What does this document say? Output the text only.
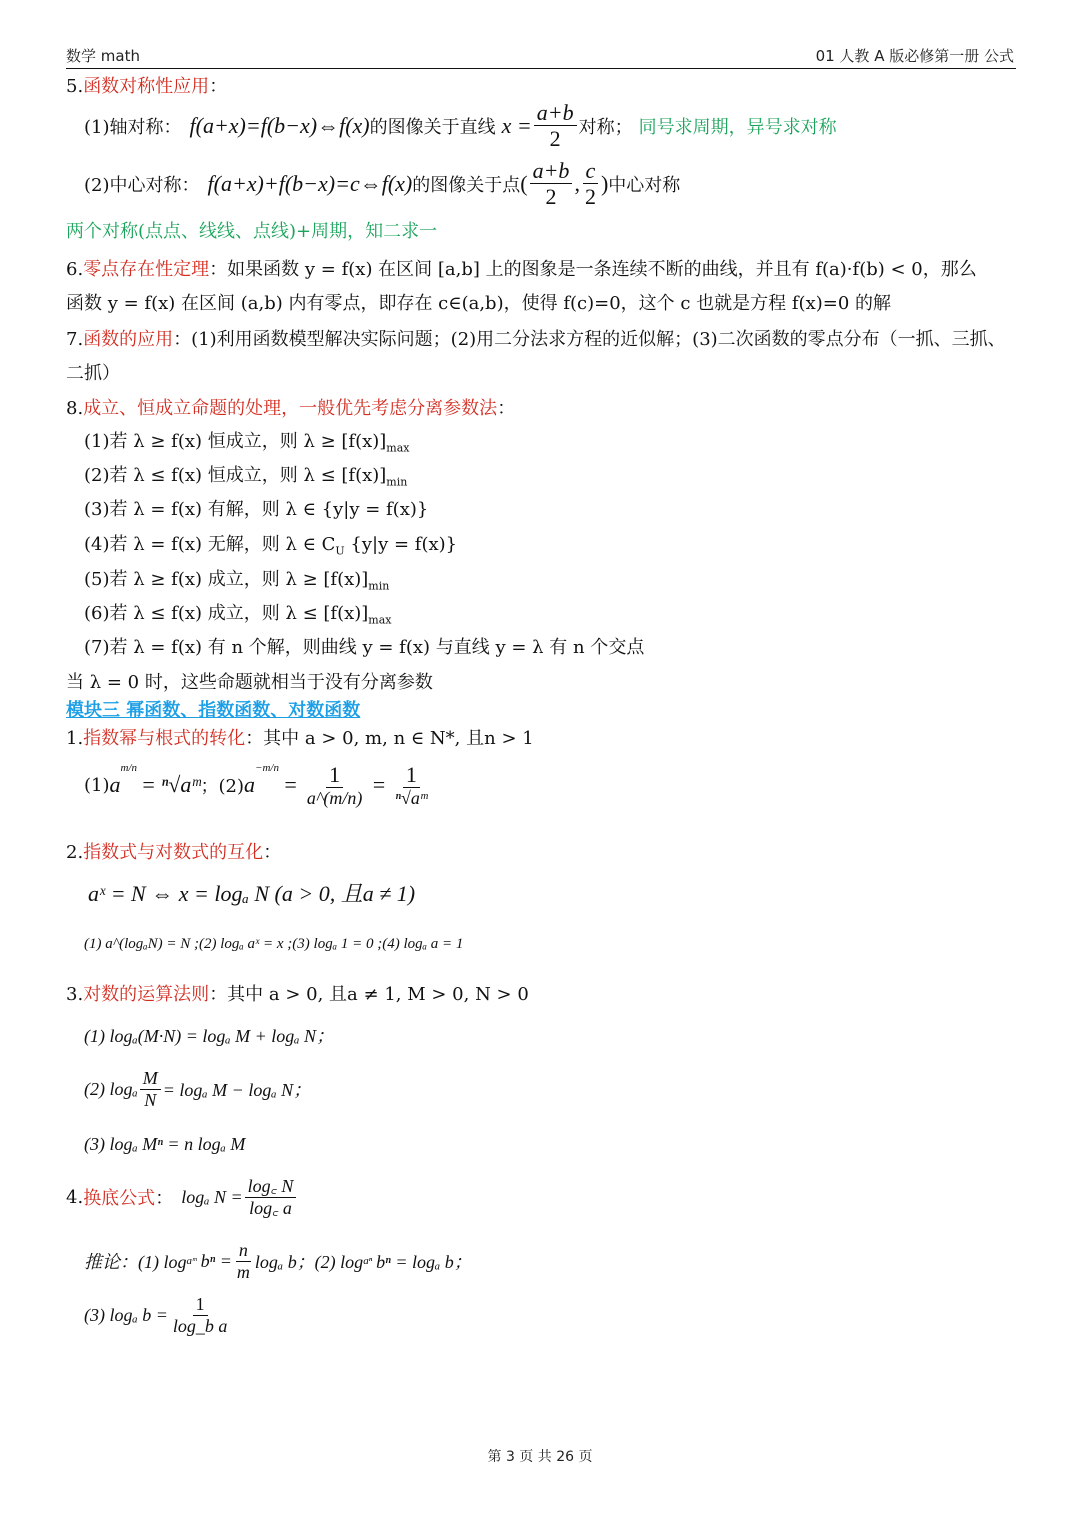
数学 math	01 人教 A 版必修第一册 公式
5.函数对称性应用：
(1)轴对称： f(a+x)=f(b−x)⇔f(x) 的图像关于直线 $x = \frac{a+b}{2}$ 对称； 同号求周期，异号求对称
(2)中心对称： f(a+x)+f(b−x)=c⇔f(x) 的图像关于点 ( $\frac{a+b}{2}$ , $\frac{c}{2}$ ) 中心对称
两个对称(点点、线线、点线)+周期，知二求一
6.零点存在性定理：如果函数 y = f(x) 在区间 [a,b] 上的图象是一条连续不断的曲线，并且有 f(a)·f(b) < 0，那么
函数 y = f(x) 在区间 (a,b) 内有零点，即存在 c∈(a,b)，使得 f(c)=0，这个 c 也就是方程 f(x)=0 的解
7.函数的应用：(1)利用函数模型解决实际问题；(2)用二分法求方程的近似解；(3)二次函数的零点分布（一抓、三抓、
二抓）
8.成立、恒成立命题的处理，一般优先考虑分离参数法：
(1)若 λ ≥ f(x) 恒成立，则 $\lambda \ge [f(x)]_{max}$
(2)若 λ ≤ f(x) 恒成立，则 $\lambda \le [f(x)]_{min}$
(3)若 λ = f(x) 有解，则 λ ∈ {y|y = f(x)}
(4)若 λ = f(x) 无解，则 λ ∈ $C_U$ {y|y = f(x)}
(5)若 λ ≥ f(x) 成立，则 $\lambda \ge [f(x)]_{min}$
(6)若 λ ≤ f(x) 成立，则 $\lambda \le [f(x)]_{max}$
(7)若 λ = f(x) 有 n 个解，则曲线 y = f(x) 与直线 y = λ 有 n 个交点
当 λ = 0 时，这些命题就相当于没有分离参数
模块三 幂函数、指数函数、对数函数
1.指数幂与根式的转化：其中 a > 0, m, n ∈ N*, 且n > 1
(1) a
$^{m/n}$
= ⁿ√aᵐ ；(2) a
$^{-m/n}$
= $\frac{1}{a\^{}(m/n)} = \frac{1}{\text{ⁿ√aᵐ}}$
2.指数式与对数式的互化：
aˣ = N ⇔ x = logₐ N (a > 0, 且a ≠ 1)
(1) a^(logₐN) = N ;(2) logₐ aˣ = x ;(3) logₐ 1 = 0 ;(4) logₐ a = 1
3.对数的运算法则：其中 a > 0, 且a ≠ 1, M > 0, N > 0
(1) logₐ(M·N) = logₐ M + logₐ N；
(2) logₐ $\frac{M}{N} = \log_a$ M − logₐ N；
(3) logₐ Mⁿ = n logₐ M
4. 换底公式 ： logₐ $N = \frac{\log꜀ N}{\log꜀ a}$
推论：(1) log aᵐ $b^n = \frac{n}{m}$ logₐ b；(2) log aⁿ bⁿ = logₐ b；
(3) logₐ $b = \frac{1}{\text{log\_b a}}$
第 3 页 共 26 页
